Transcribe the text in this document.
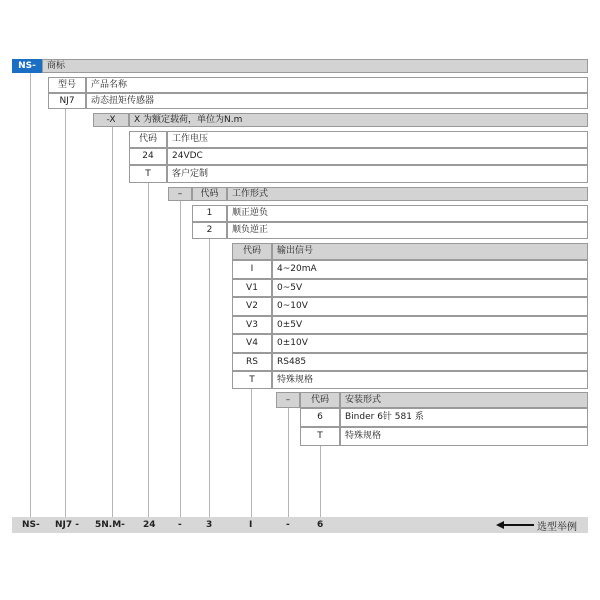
NS-	商标
型号	产品名称
NJ7	动态扭矩传感器
-X	X 为额定载荷，单位为N.m
代码	工作电压
24	24VDC
T	客户定制
–	代码	工作形式
1	顺正逆负
2	顺负逆正
代码	输出信号
I	4~20mA
V1	0~5V
V2	0~10V
V3	0±5V
V4	0±10V
RS	RS485
T	特殊规格
–	代码	安装形式
6	Binder 6针 581 系
T	特殊规格
NS- NJ7 - 5N.M- 24 -	3	I	-	6	选型举例
